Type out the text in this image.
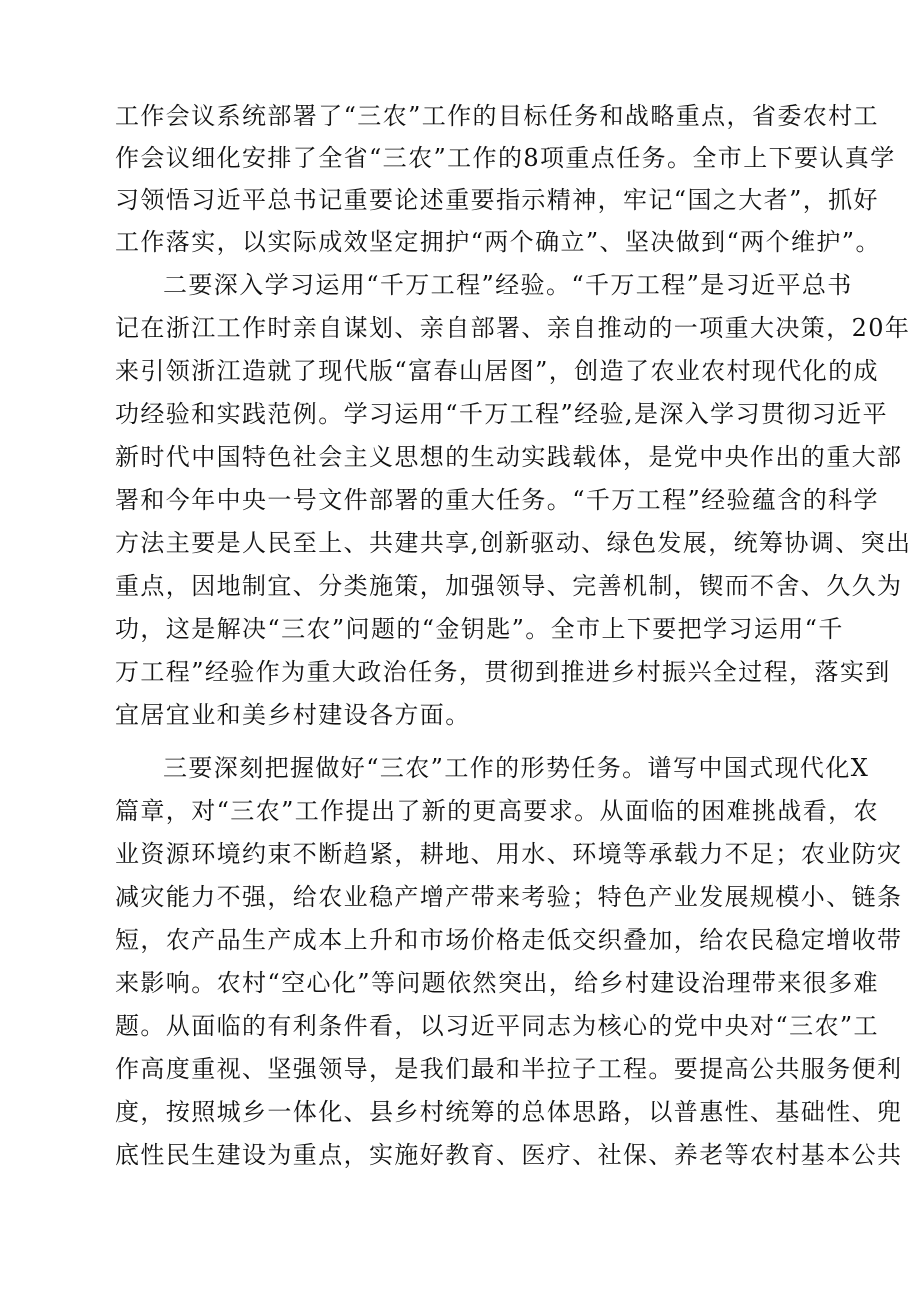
工作会议系统部署了“三农”工作的目标任务和战略重点，省委农村工
作会议细化安排了全省“三农”工作的8项重点任务。全市上下要认真学
习领悟习近平总书记重要论述重要指示精神，牢记“国之大者”，抓好
工作落实，以实际成效坚定拥护“两个确立”、坚决做到“两个维护”。
二要深入学习运用“千万工程”经验。“千万工程”是习近平总书
记在浙江工作时亲自谋划、亲自部署、亲自推动的一项重大决策，20年
来引领浙江造就了现代版“富春山居图”，创造了农业农村现代化的成
功经验和实践范例。学习运用“千万工程”经验,是深入学习贯彻习近平
新时代中国特色社会主义思想的生动实践载体，是党中央作出的重大部
署和今年中央一号文件部署的重大任务。“千万工程”经验蕴含的科学
方法主要是人民至上、共建共享,创新驱动、绿色发展，统筹协调、突出
重点，因地制宜、分类施策，加强领导、完善机制，锲而不舍、久久为
功，这是解决“三农”问题的“金钥匙”。全市上下要把学习运用“千
万工程”经验作为重大政治任务，贯彻到推进乡村振兴全过程，落实到
宜居宜业和美乡村建设各方面。
三要深刻把握做好“三农”工作的形势任务。谱写中国式现代化X
篇章，对“三农”工作提出了新的更高要求。从面临的困难挑战看，农
业资源环境约束不断趋紧，耕地、用水、环境等承载力不足；农业防灾
减灾能力不强，给农业稳产增产带来考验；特色产业发展规模小、链条
短，农产品生产成本上升和市场价格走低交织叠加，给农民稳定增收带
来影响。农村“空心化”等问题依然突出，给乡村建设治理带来很多难
题。从面临的有利条件看，以习近平同志为核心的党中央对“三农”工
作高度重视、坚强领导，是我们最和半拉子工程。要提高公共服务便利
度，按照城乡一体化、县乡村统筹的总体思路，以普惠性、基础性、兜
底性民生建设为重点，实施好教育、医疗、社保、养老等农村基本公共
